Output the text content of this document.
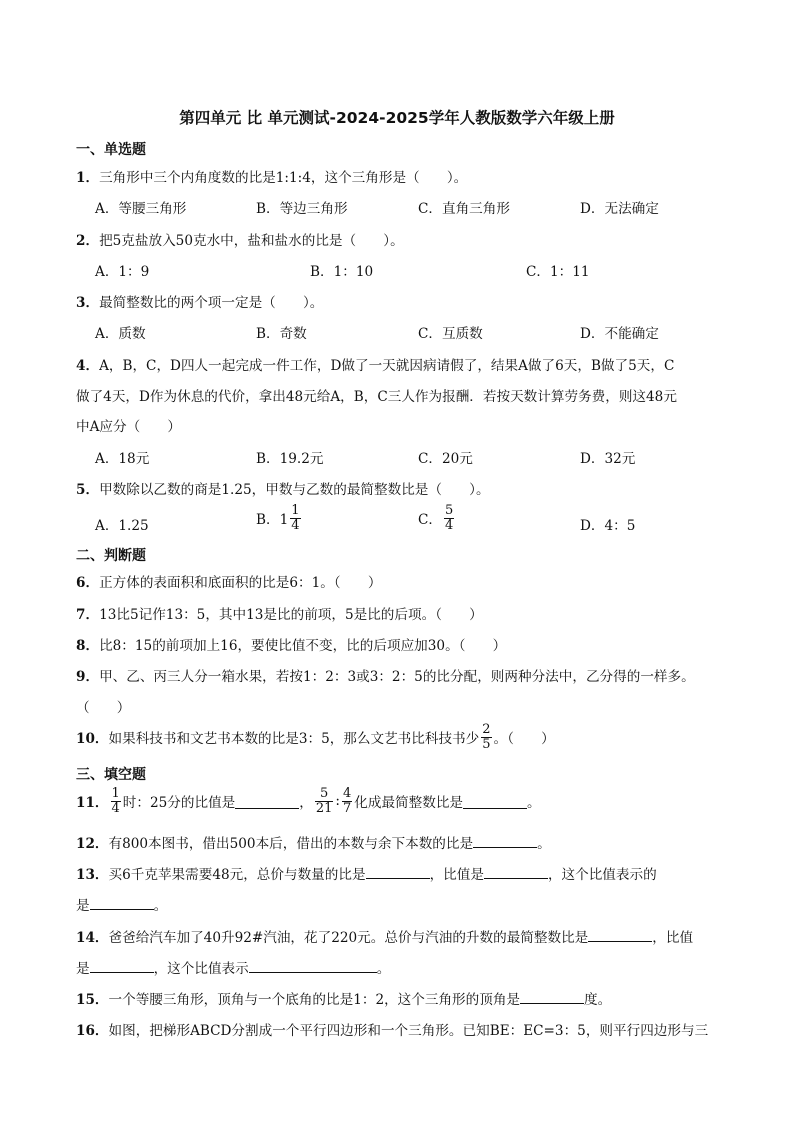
第四单元 比 单元测试-2024-2025学年人教版数学六年级上册
一、单选题
1．三角形中三个内角度数的比是1:1:4，这个三角形是（　　）。
A．等腰三角形	B．等边三角形	C．直角三角形	D．无法确定
2．把5克盐放入50克水中，盐和盐水的比是（　　）。
A．1：9	B．1：10	C．1：11
3．最简整数比的两个项一定是（　　）。
A．质数	B．奇数	C．互质数	D．不能确定
4．A，B，C，D四人一起完成一件工作，D做了一天就因病请假了，结果A做了6天，B做了5天，C
做了4天，D作为休息的代价，拿出48元给A，B，C三人作为报酬．若按天数计算劳务费，则这48元
中A应分（　　）
A．18元	B．19.2元	C．20元	D．32元
5．甲数除以乙数的商是1.25，甲数与乙数的最简整数比是（　　）。
A．1.25	B．$1 \frac{1}{4}$	C． $\frac{5}{4}$	D．4：5
二、判断题
6．正方体的表面积和底面积的比是6：1。（　　）
7．13比5记作13：5，其中13是比的前项，5是比的后项。（　　）
8．比8：15的前项加上16，要使比值不变，比的后项应加30。（　　）
9．甲、乙、丙三人分一箱水果，若按1：2：3或3：2：5的比分配，则两种分法中，乙分得的一样多。
（　　）
10．如果科技书和文艺书本数的比是3：5，那么文艺书比科技书少 $\frac{2}{5}$ 。（　　）
三、填空题
11． $\frac{1}{4}$ 时：25分的比值是	， $\frac{5}{21}$ : $\frac{4}{7}$ 化成最简整数比是	。
12．有800本图书，借出500本后，借出的本数与余下本数的比是	。
13．买6千克苹果需要48元，总价与数量的比是	，比值是	，这个比值表示的
是	。
14．爸爸给汽车加了40升92#汽油，花了220元。总价与汽油的升数的最简整数比是	，比值
是	，这个比值表示	。
15．一个等腰三角形，顶角与一个底角的比是1：2，这个三角形的顶角是	度。
16．如图，把梯形ABCD分割成一个平行四边形和一个三角形。已知BE：EC=3：5，则平行四边形与三
